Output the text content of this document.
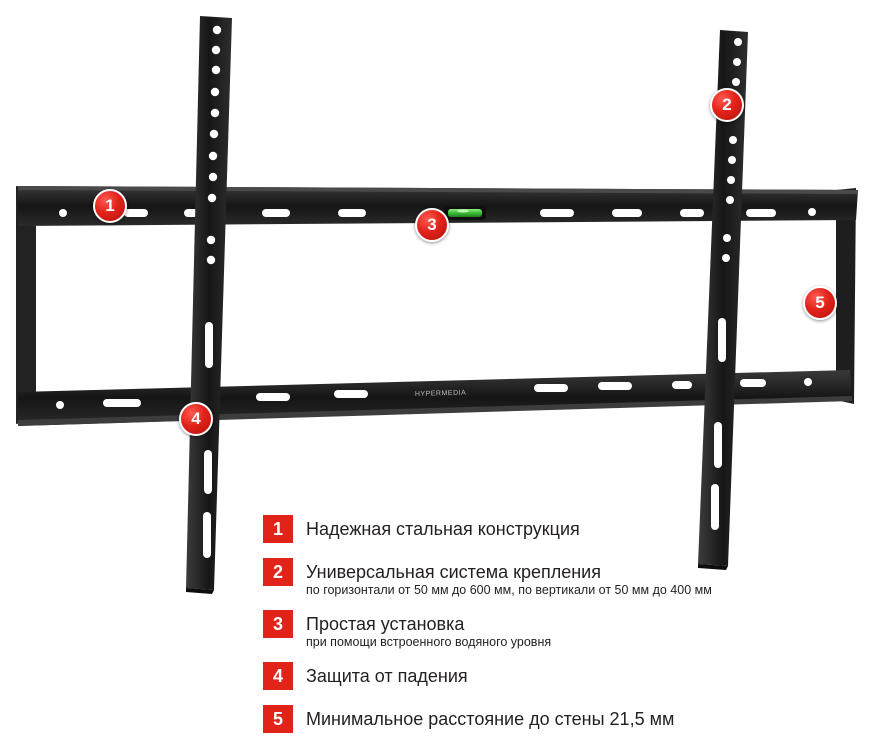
HYPERMEDIA
1
2
3
4
5
1	Надежная стальная конструкция
2	Универсальная система крепления
по горизонтали от 50 мм до 600 мм, по вертикали от 50 мм до 400 мм
3	Простая установка
при помощи встроенного водяного уровня
4	Защита от падения
5	Минимальное расстояние до стены 21,5 мм
